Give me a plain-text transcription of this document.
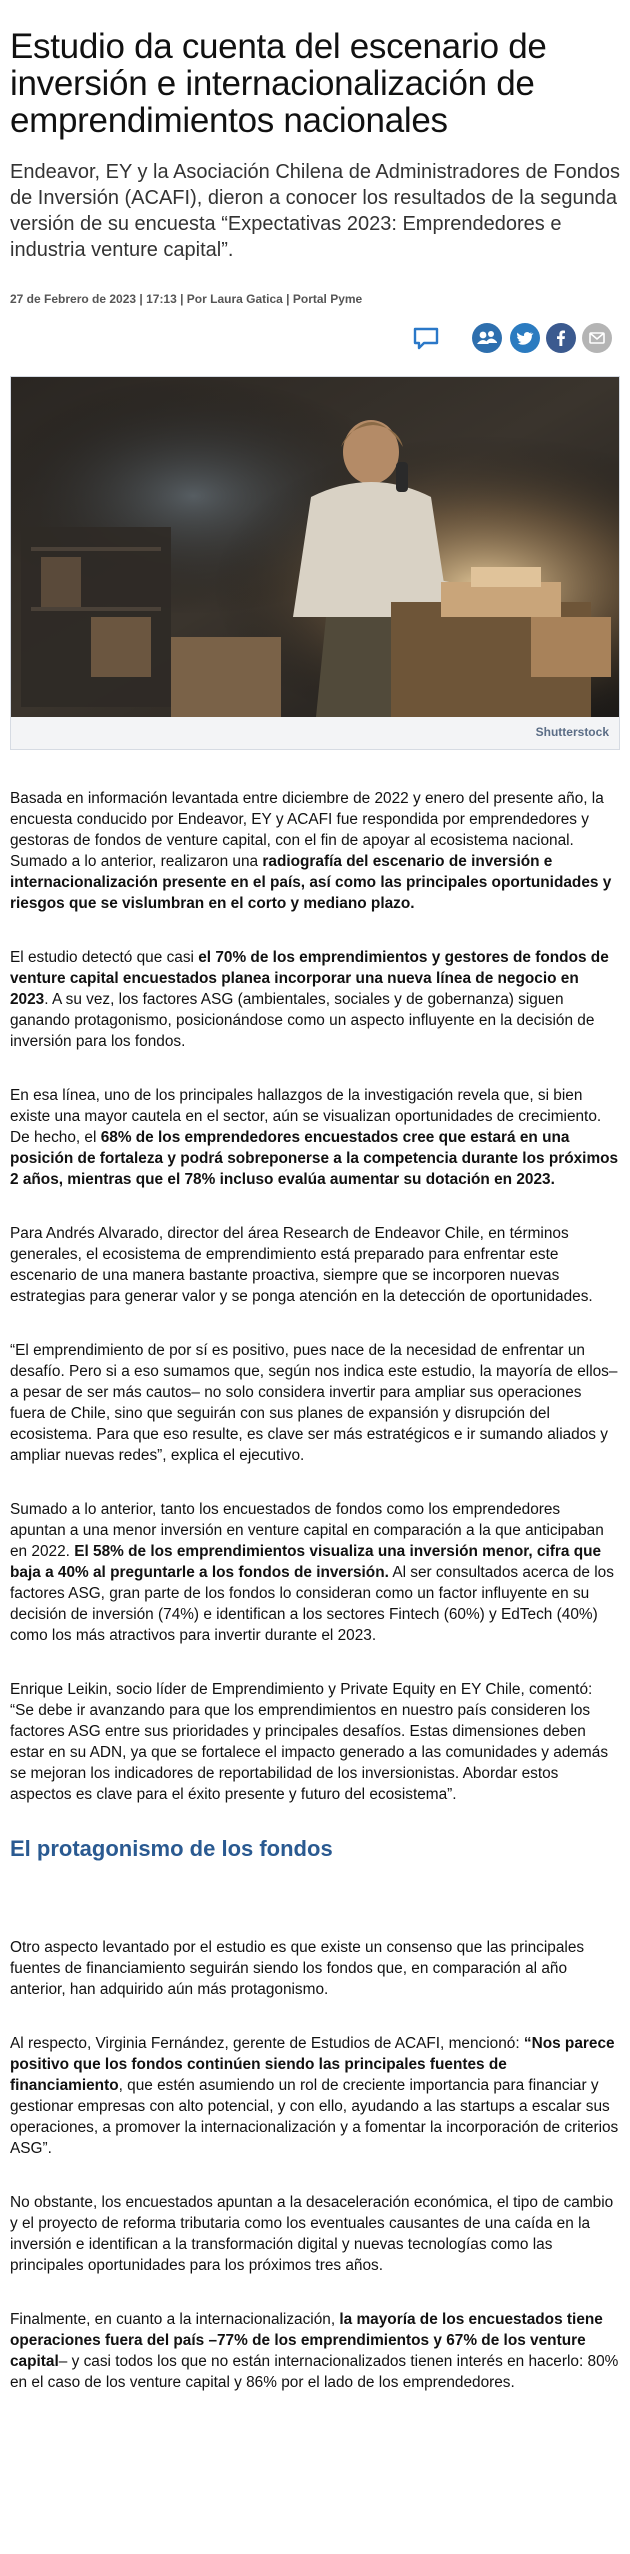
Estudio da cuenta del escenario de inversión e internacionalización de emprendimientos nacionales

Endeavor, EY y la Asociación Chilena de Administradores de Fondos de Inversión (ACAFI), dieron a conocer los resultados de la segunda versión de su encuesta “Expectativas 2023: Emprendedores e industria venture capital”.

27 de Febrero de 2023 | 17:13 | Por Laura Gatica | Portal Pyme
Shutterstock

Basada en información levantada entre diciembre de 2022 y enero del presente año, la encuesta conducido por Endeavor, EY y ACAFI fue respondida por emprendedores y gestoras de fondos de venture capital, con el fin de apoyar al ecosistema nacional. Sumado a lo anterior, realizaron una radiografía del escenario de inversión e internacionalización presente en el país, así como las principales oportunidades y riesgos que se vislumbran en el corto y mediano plazo.

El estudio detectó que casi el 70% de los emprendimientos y gestores de fondos de venture capital encuestados planea incorporar una nueva línea de negocio en 2023. A su vez, los factores ASG (ambientales, sociales y de gobernanza) siguen ganando protagonismo, posicionándose como un aspecto influyente en la decisión de inversión para los fondos.

En esa línea, uno de los principales hallazgos de la investigación revela que, si bien existe una mayor cautela en el sector, aún se visualizan oportunidades de crecimiento. De hecho, el 68% de los emprendedores encuestados cree que estará en una posición de fortaleza y podrá sobreponerse a la competencia durante los próximos 2 años, mientras que el 78% incluso evalúa aumentar su dotación en 2023.

Para Andrés Alvarado, director del área Research de Endeavor Chile, en términos generales, el ecosistema de emprendimiento está preparado para enfrentar este escenario de una manera bastante proactiva, siempre que se incorporen nuevas estrategias para generar valor y se ponga atención en la detección de oportunidades.

“El emprendimiento de por sí es positivo, pues nace de la necesidad de enfrentar un desafío. Pero si a eso sumamos que, según nos indica este estudio, la mayoría de ellos–a pesar de ser más cautos– no solo considera invertir para ampliar sus operaciones fuera de Chile, sino que seguirán con sus planes de expansión y disrupción del ecosistema. Para que eso resulte, es clave ser más estratégicos e ir sumando aliados y ampliar nuevas redes”, explica el ejecutivo.

Sumado a lo anterior, tanto los encuestados de fondos como los emprendedores apuntan a una menor inversión en venture capital en comparación a la que anticipaban en 2022. El 58% de los emprendimientos visualiza una inversión menor, cifra que baja a 40% al preguntarle a los fondos de inversión. Al ser consultados acerca de los factores ASG, gran parte de los fondos lo consideran como un factor influyente en su decisión de inversión (74%) e identifican a los sectores Fintech (60%) y EdTech (40%) como los más atractivos para invertir durante el 2023.

Enrique Leikin, socio líder de Emprendimiento y Private Equity en EY Chile, comentó: “Se debe ir avanzando para que los emprendimientos en nuestro país consideren los factores ASG entre sus prioridades y principales desafíos. Estas dimensiones deben estar en su ADN, ya que se fortalece el impacto generado a las comunidades y además se mejoran los indicadores de reportabilidad de los inversionistas. Abordar estos aspectos es clave para el éxito presente y futuro del ecosistema”.

El protagonismo de los fondos

Otro aspecto levantado por el estudio es que existe un consenso que las principales fuentes de financiamiento seguirán siendo los fondos que, en comparación al año anterior, han adquirido aún más protagonismo.

Al respecto, Virginia Fernández, gerente de Estudios de ACAFI, mencionó: “Nos parece positivo que los fondos continúen siendo las principales fuentes de financiamiento, que estén asumiendo un rol de creciente importancia para financiar y gestionar empresas con alto potencial, y con ello, ayudando a las startups a escalar sus operaciones, a promover la internacionalización y a fomentar la incorporación de criterios ASG”.

No obstante, los encuestados apuntan a la desaceleración económica, el tipo de cambio y el proyecto de reforma tributaria como los eventuales causantes de una caída en la inversión e identifican a la transformación digital y nuevas tecnologías como las principales oportunidades para los próximos tres años.

Finalmente, en cuanto a la internacionalización, la mayoría de los encuestados tiene operaciones fuera del país –77% de los emprendimientos y 67% de los venture capital– y casi todos los que no están internacionalizados tienen interés en hacerlo: 80% en el caso de los venture capital y 86% por el lado de los emprendedores.
